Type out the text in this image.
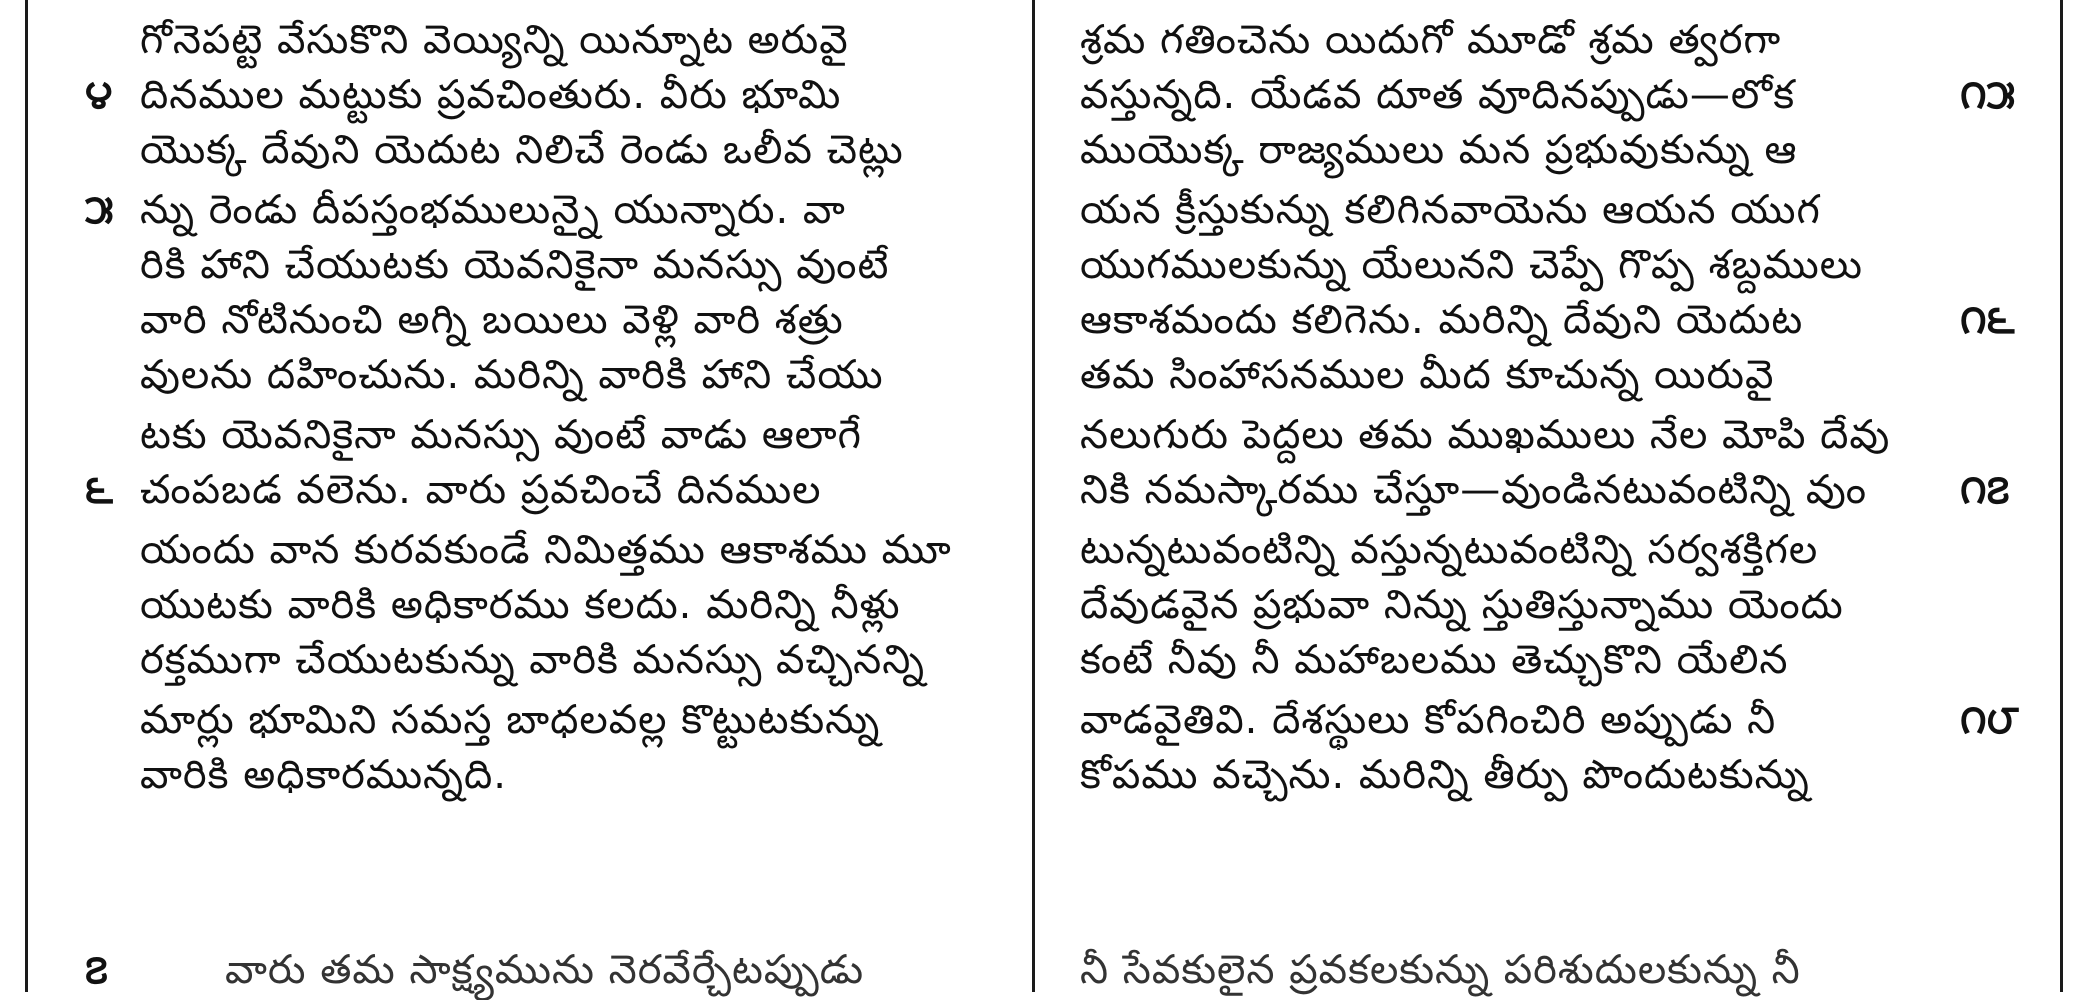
గోనెపట్టె వేసుకొని వెయ్యిన్ని యిన్నూట అరువై
దినముల మట్టుకు ప్రవచింతురు. వీరు భూమి
యొక్క దేవుని యెదుట నిలిచే రెండు ఒలీవ చెట్లు
న్ను రెండు దీపస్తంభములున్నై యున్నారు. వా
రికి హాని చేయుటకు యెవనికైనా మనస్సు వుంటే
వారి నోటినుంచి అగ్ని బయిలు వెళ్లి వారి శత్రు
వులను దహించును. మరిన్ని వారికి హాని చేయు
టకు యెవనికైనా మనస్సు వుంటే వాడు ఆలాగే
చంపబడ వలెను. వారు ప్రవచించే దినముల
యందు వాన కురవకుండే నిమిత్తము ఆకాశము మూ
యుటకు వారికి అధికారము కలదు. మరిన్ని నీళ్లు
రక్తముగా చేయుటకున్ను వారికి మనస్సు వచ్చినన్ని
మార్లు భూమిని సమస్త బాధలవల్ల కొట్టుటకున్ను
వారికి అధికారమున్నది.
వారు తమ సాక్ష్యమును నెరవేర్చేటప్పుడు
౪
౫
౬
౭
శ్రమ గతించెను యిదుగో మూడో శ్రమ త్వరగా
వస్తున్నది. యేడవ దూత వూదినప్పుడు—లోక
ముయొక్క రాజ్యములు మన ప్రభువుకున్ను ఆ
యన క్రీస్తుకున్ను కలిగినవాయెను ఆయన యుగ
యుగములకున్ను యేలునని చెప్పే గొప్ప శబ్దములు
ఆకాశమందు కలిగెను. మరిన్ని దేవుని యెదుట
తమ సింహాసనముల మీద కూచున్న యిరువై
నలుగురు పెద్దలు తమ ముఖములు నేల మోపి దేవు
నికి నమస్కారము చేస్తూ—వుండినటువంటిన్ని వుం
టున్నటువంటిన్ని వస్తున్నటువంటిన్ని సర్వశక్తిగల
దేవుడవైన ప్రభువా నిన్ను స్తుతిస్తున్నాము యెందు
కంటే నీవు నీ మహాబలము తెచ్చుకొని యేలిన
వాడవైతివి. దేశస్థులు కోపగించిరి అప్పుడు నీ
కోపము వచ్చెను. మరిన్ని తీర్పు పొందుటకున్ను
నీ సేవకులైన ప్రవకలకున్ను పరిశుదులకున్ను నీ
౧౫
౧౬
౧౭
౧౮
